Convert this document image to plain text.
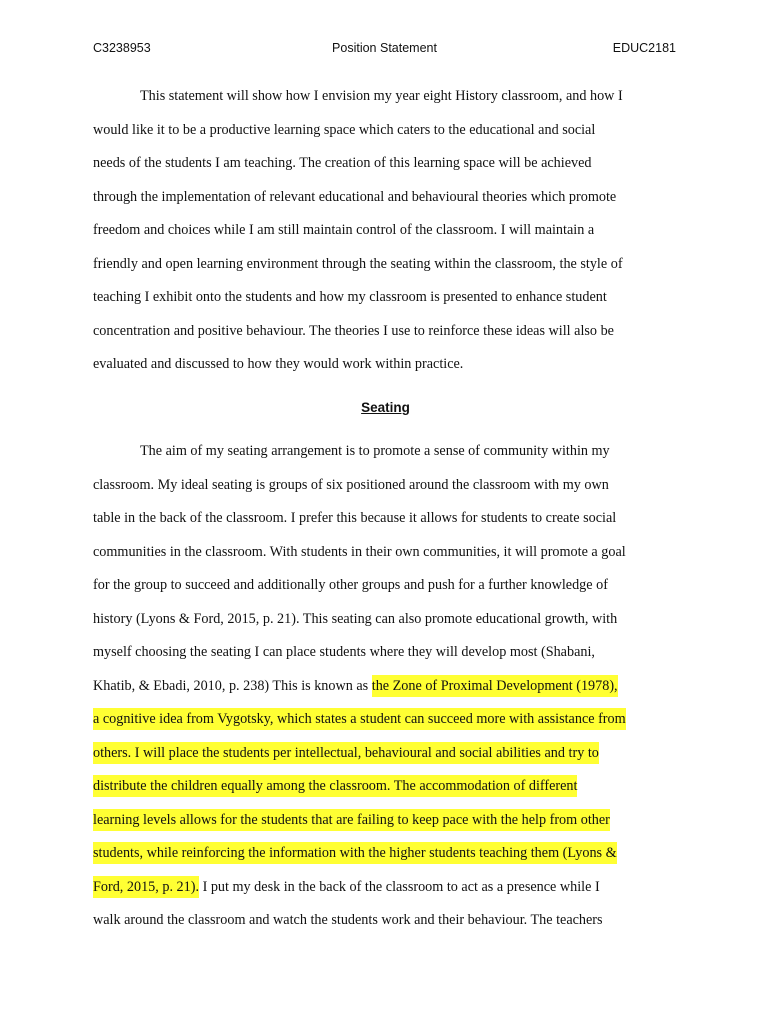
C3238953	Position Statement	EDUC2181
This statement will show how I envision my year eight History classroom, and how I
would like it to be a productive learning space which caters to the educational and social
needs of the students I am teaching. The creation of this learning space will be achieved
through the implementation of relevant educational and behavioural theories which promote
freedom and choices while I am still maintain control of the classroom. I will maintain a
friendly and open learning environment through the seating within the classroom, the style of
teaching I exhibit onto the students and how my classroom is presented to enhance student
concentration and positive behaviour. The theories I use to reinforce these ideas will also be
evaluated and discussed to how they would work within practice.
Seating
The aim of my seating arrangement is to promote a sense of community within my
classroom. My ideal seating is groups of six positioned around the classroom with my own
table in the back of the classroom. I prefer this because it allows for students to create social
communities in the classroom. With students in their own communities, it will promote a goal
for the group to succeed and additionally other groups and push for a further knowledge of
history (Lyons & Ford, 2015, p. 21). This seating can also promote educational growth, with
myself choosing the seating I can place students where they will develop most (Shabani,
Khatib, & Ebadi, 2010, p. 238) This is known as the Zone of Proximal Development (1978),
a cognitive idea from Vygotsky, which states a student can succeed more with assistance from
others. I will place the students per intellectual, behavioural and social abilities and try to
distribute the children equally among the classroom. The accommodation of different
learning levels allows for the students that are failing to keep pace with the help from other
students, while reinforcing the information with the higher students teaching them (Lyons &
Ford, 2015, p. 21). I put my desk in the back of the classroom to act as a presence while I
walk around the classroom and watch the students work and their behaviour. The teachers
